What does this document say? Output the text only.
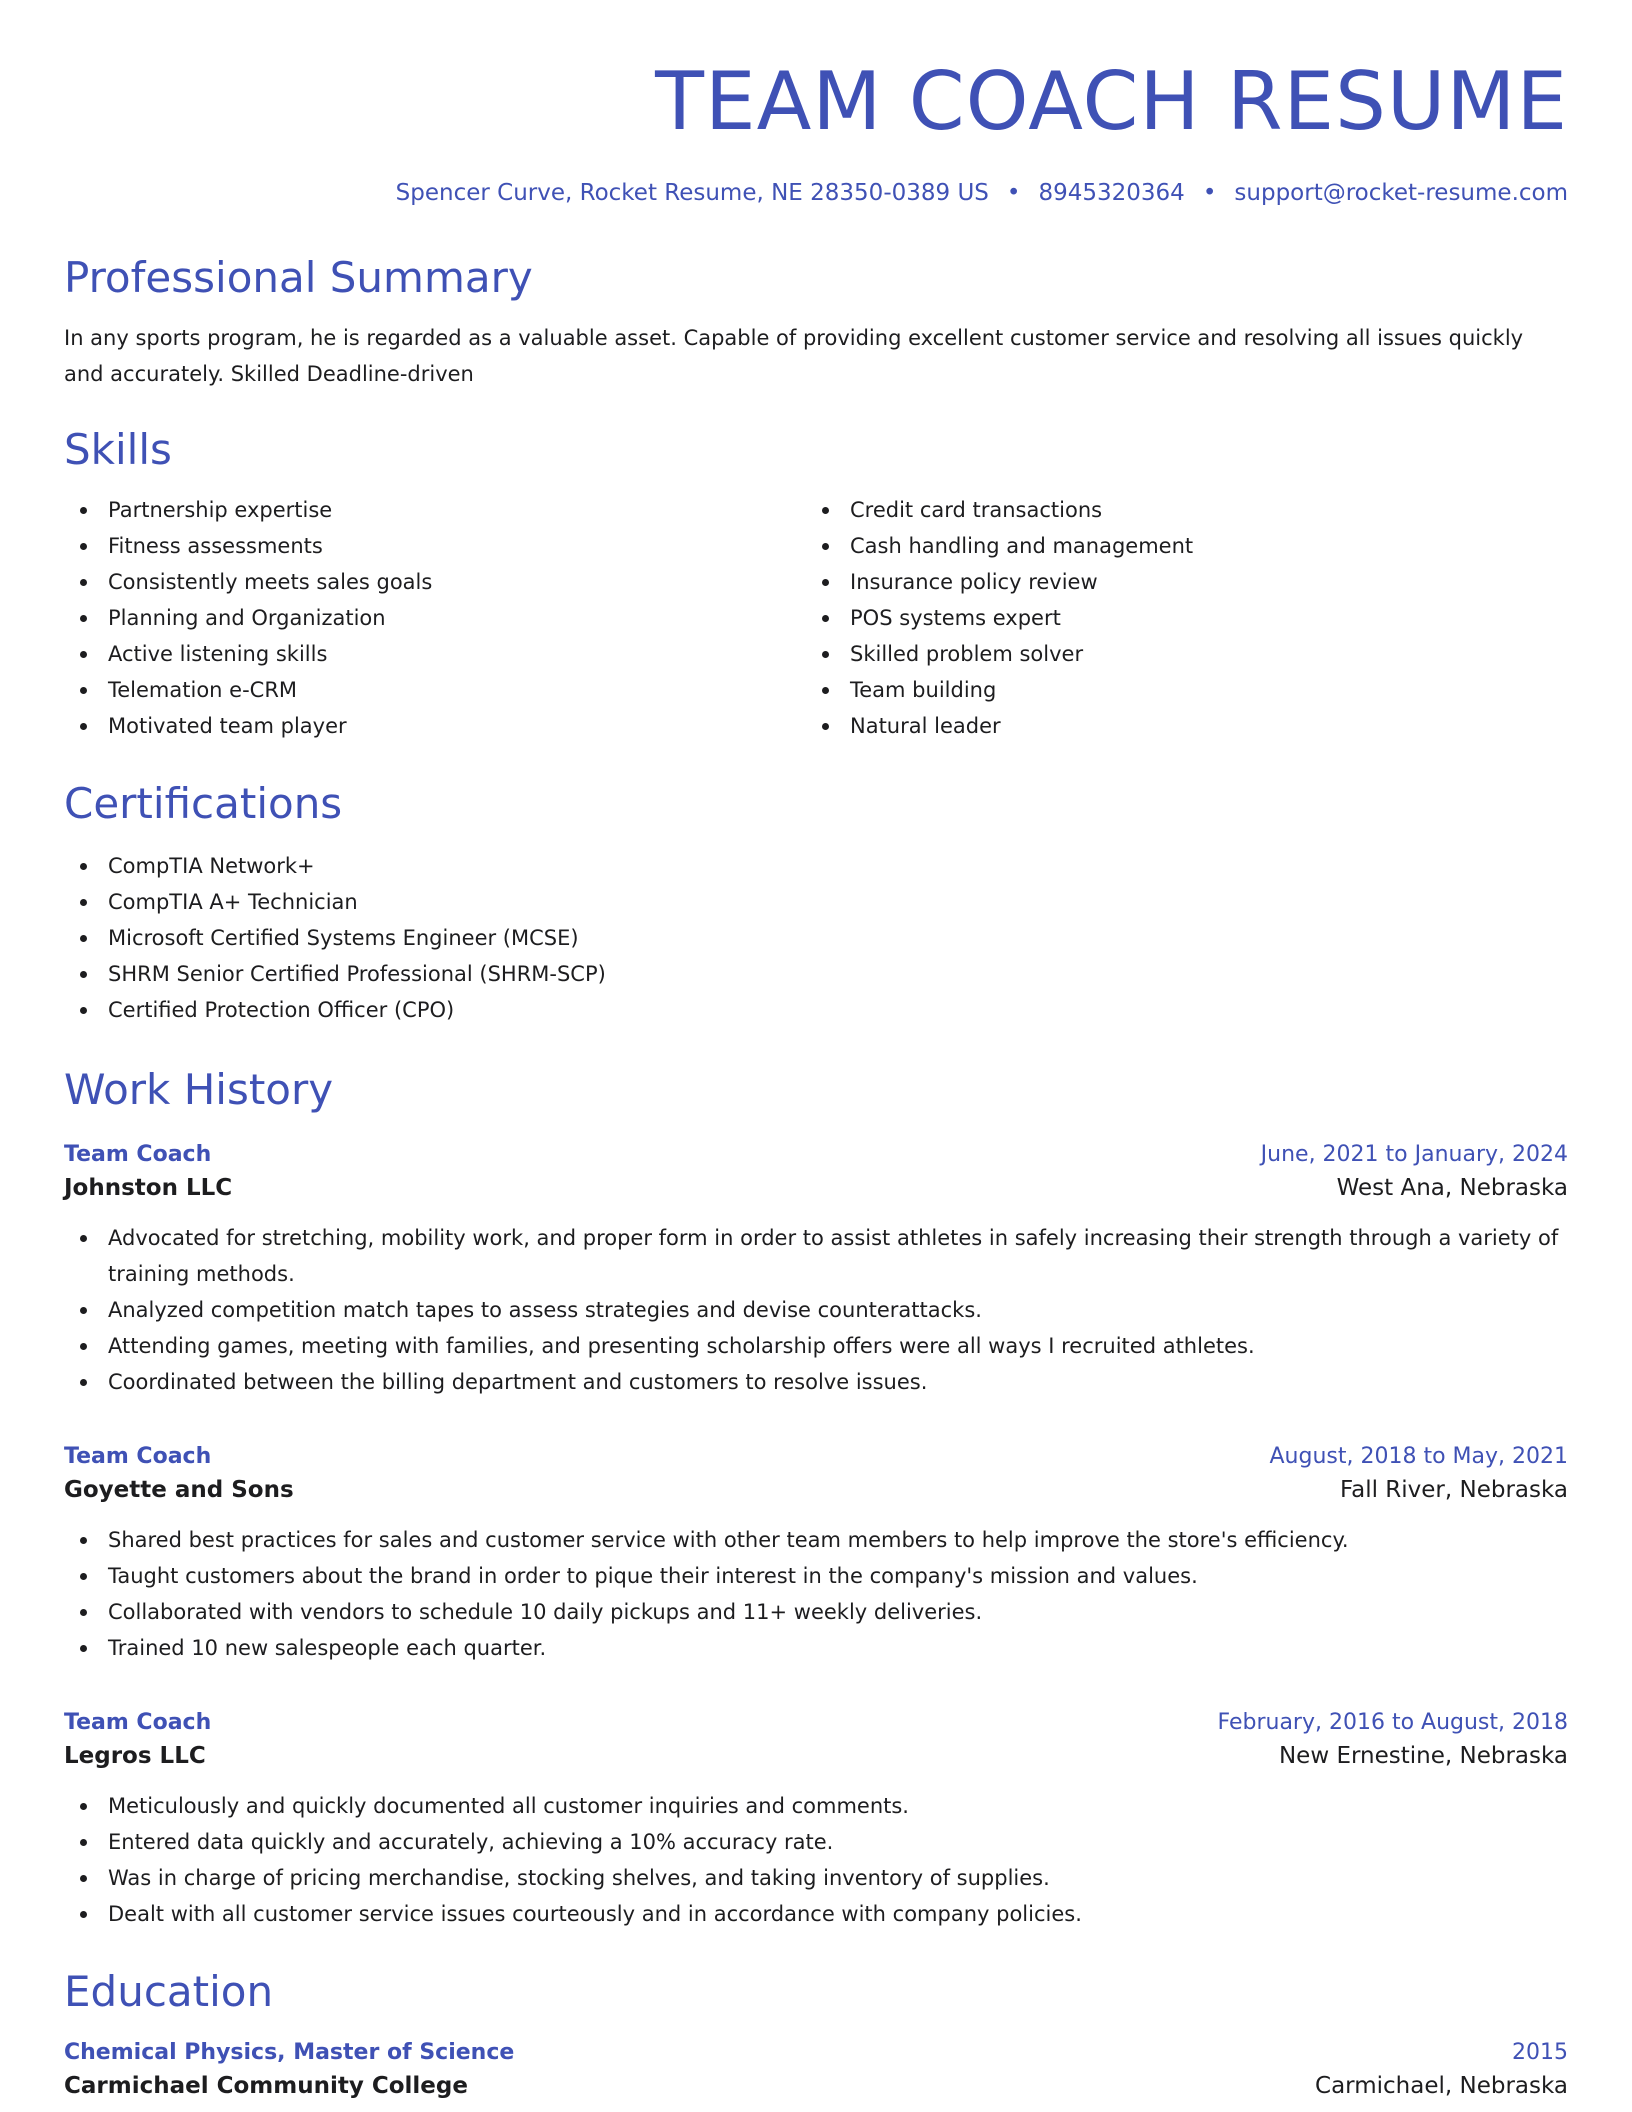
TEAM COACH RESUME
Spencer Curve, Rocket Resume, NE 28350-0389 US • 8945320364 • support@rocket-resume.com
Professional Summary

In any sports program, he is regarded as a valuable asset. Capable of providing excellent customer service and resolving all issues quickly and accurately. Skilled Deadline-driven

Skills
Partnership expertise
Fitness assessments
Consistently meets sales goals
Planning and Organization
Active listening skills
Telemation e-CRM
Motivated team player
Credit card transactions
Cash handling and management
Insurance policy review
POS systems expert
Skilled problem solver
Team building
Natural leader
Certifications
CompTIA Network+
CompTIA A+ Technician
Microsoft Certified Systems Engineer (MCSE)
SHRM Senior Certified Professional (SHRM-SCP)
Certified Protection Officer (CPO)
Work History
Team Coach	June, 2021 to January, 2024
Johnston LLC	West Ana, Nebraska
Advocated for stretching, mobility work, and proper form in order to assist athletes in safely increasing their strength through a variety of training methods.
Analyzed competition match tapes to assess strategies and devise counterattacks.
Attending games, meeting with families, and presenting scholarship offers were all ways I recruited athletes.
Coordinated between the billing department and customers to resolve issues.
Team Coach	August, 2018 to May, 2021
Goyette and Sons	Fall River, Nebraska
Shared best practices for sales and customer service with other team members to help improve the store's efficiency.
Taught customers about the brand in order to pique their interest in the company's mission and values.
Collaborated with vendors to schedule 10 daily pickups and 11+ weekly deliveries.
Trained 10 new salespeople each quarter.
Team Coach	February, 2016 to August, 2018
Legros LLC	New Ernestine, Nebraska
Meticulously and quickly documented all customer inquiries and comments.
Entered data quickly and accurately, achieving a 10% accuracy rate.
Was in charge of pricing merchandise, stocking shelves, and taking inventory of supplies.
Dealt with all customer service issues courteously and in accordance with company policies.
Education
Chemical Physics, Master of Science	2015
Carmichael Community College	Carmichael, Nebraska
